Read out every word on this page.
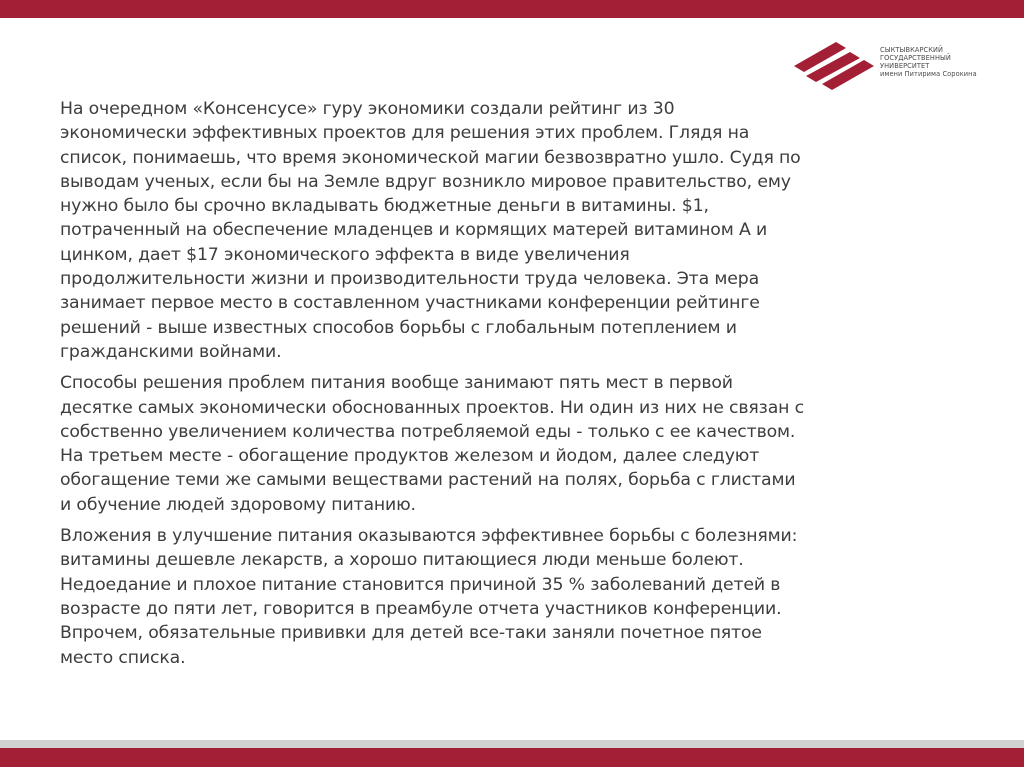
СЫКТЫВКАРСКИЙ
ГОСУДАРСТВЕННЫЙ
УНИВЕРСИТЕТ
имени Питирима Сорокина

На очередном «Консенсусе» гуру экономики создали рейтинг из 30
экономически эффективных проектов для решения этих проблем. Глядя на
список, понимаешь, что время экономической магии безвозвратно ушло. Судя по
выводам ученых, если бы на Земле вдруг возникло мировое правительство, ему
нужно было бы срочно вкладывать бюджетные деньги в витамины. $1,
потраченный на обеспечение младенцев и кормящих матерей витамином А и
цинком, дает $17 экономического эффекта в виде увеличения
продолжительности жизни и производительности труда человека. Эта мера
занимает первое место в составленном участниками конференции рейтинге
решений - выше известных способов борьбы с глобальным потеплением и
гражданскими войнами.

Способы решения проблем питания вообще занимают пять мест в первой
десятке самых экономически обоснованных проектов. Ни один из них не связан с
собственно увеличением количества потребляемой еды - только с ее качеством.
На третьем месте - обогащение продуктов железом и йодом, далее следуют
обогащение теми же самыми веществами растений на полях, борьба с глистами
и обучение людей здоровому питанию.

Вложения в улучшение питания оказываются эффективнее борьбы с болезнями:
витамины дешевле лекарств, а хорошо питающиеся люди меньше болеют.
Недоедание и плохое питание становится причиной 35 % заболеваний детей в
возрасте до пяти лет, говорится в преамбуле отчета участников конференции.
Впрочем, обязательные прививки для детей все-таки заняли почетное пятое
место списка.
